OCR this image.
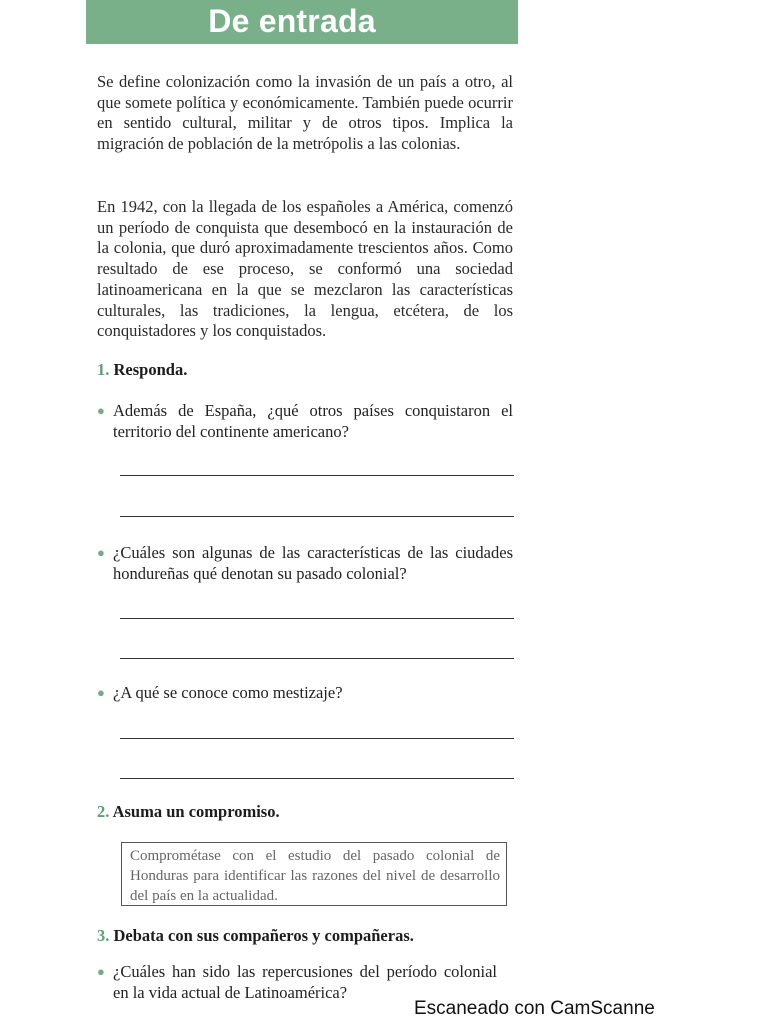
De entrada

Se define colonización como la invasión de un país a otro, al que somete política y económicamente. También puede ocurrir en sentido cultural, militar y de otros tipos. Implica la migración de población de la metrópolis a las colonias.

En 1942, con la llegada de los españoles a América, comenzó un período de conquista que desembocó en la instauración de la colonia, que duró aproximadamente trescientos años. Como resultado de ese proceso, se conformó una sociedad latinoamericana en la que se mezclaron las características culturales, las tradiciones, la lengua, etcétera, de los conquistadores y los conquistados.

1. Responda.
● Además de España, ¿qué otros países conquistaron el territorio del continente americano?
● ¿Cuáles son algunas de las características de las ciudades hondureñas qué denotan su pasado colonial?
● ¿A qué se conoce como mestizaje?
2. Asuma un compromiso.
Comprométase con el estudio del pasado colonial de Honduras para identificar las razones del nivel de desarrollo del país en la actualidad.
3. Debata con sus compañeros y compañeras.
● ¿Cuáles han sido las repercusiones del período colonial en la vida actual de Latinoamérica?
Escaneado con CamScanne
